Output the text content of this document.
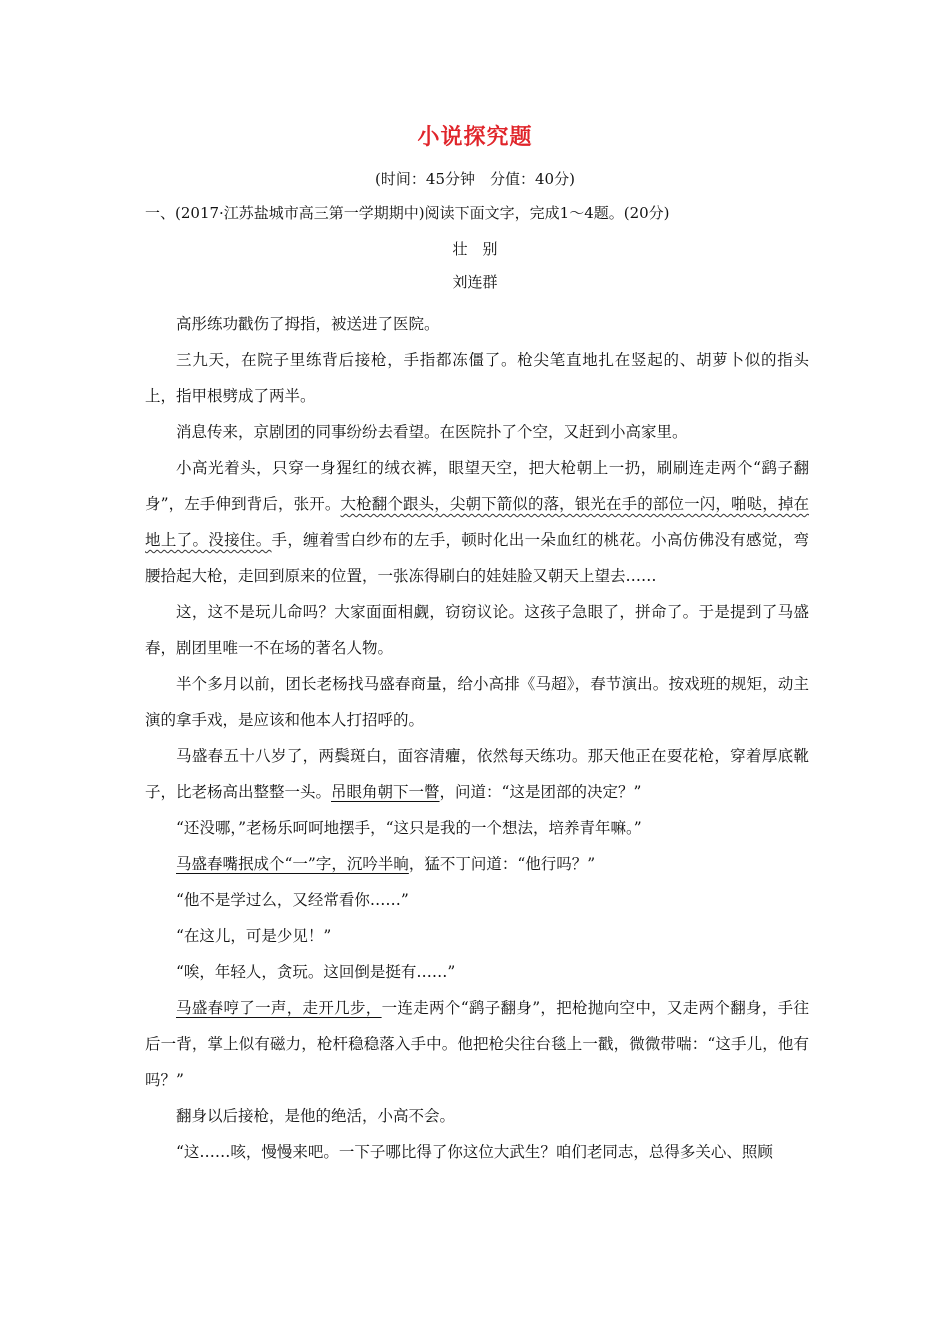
小说探究题
(时间：45分钟　分值：40分)
一、(2017·江苏盐城市高三第一学期期中)阅读下面文字，完成1～4题。(20分)
壮　别
刘连群

高彤练功戳伤了拇指，被送进了医院。

三九天，在院子里练背后接枪，手指都冻僵了。枪尖笔直地扎在竖起的、胡萝卜似的指头上，指甲根劈成了两半。

消息传来，京剧团的同事纷纷去看望。在医院扑了个空，又赶到小高家里。

小高光着头，只穿一身猩红的绒衣裤，眼望天空，把大枪朝上一扔，刷刷连走两个“鹞子翻身”，左手伸到背后，张开。大枪翻个跟头，尖朝下箭似的落，银光在手的部位一闪，啪哒，掉在地上了。没接住。手，缠着雪白纱布的左手，顿时化出一朵血红的桃花。小高仿佛没有感觉，弯腰拾起大枪，走回到原来的位置，一张冻得刷白的娃娃脸又朝天上望去……

这，这不是玩儿命吗？大家面面相觑，窃窃议论。这孩子急眼了，拼命了。于是提到了马盛春，剧团里唯一不在场的著名人物。

半个多月以前，团长老杨找马盛春商量，给小高排《马超》，春节演出。按戏班的规矩，动主演的拿手戏，是应该和他本人打招呼的。

马盛春五十八岁了，两鬓斑白，面容清癯，依然每天练功。那天他正在耍花枪，穿着厚底靴子，比老杨高出整整一头。吊眼角朝下一瞥，问道：“这是团部的决定？”

“还没哪，”老杨乐呵呵地摆手，“这只是我的一个想法，培养青年嘛。”

马盛春嘴抿成个“一”字，沉吟半晌，猛不丁问道：“他行吗？”

“他不是学过么，又经常看你……”

“在这儿，可是少见！”

“唉，年轻人，贪玩。这回倒是挺有……”

马盛春哼了一声，走开几步，一连走两个“鹞子翻身”，把枪抛向空中，又走两个翻身，手往后一背，掌上似有磁力，枪杆稳稳落入手中。他把枪尖往台毯上一戳，微微带喘：“这手儿，他有吗？”

翻身以后接枪，是他的绝活，小高不会。

“这……咳，慢慢来吧。一下子哪比得了你这位大武生？咱们老同志，总得多关心、照顾
